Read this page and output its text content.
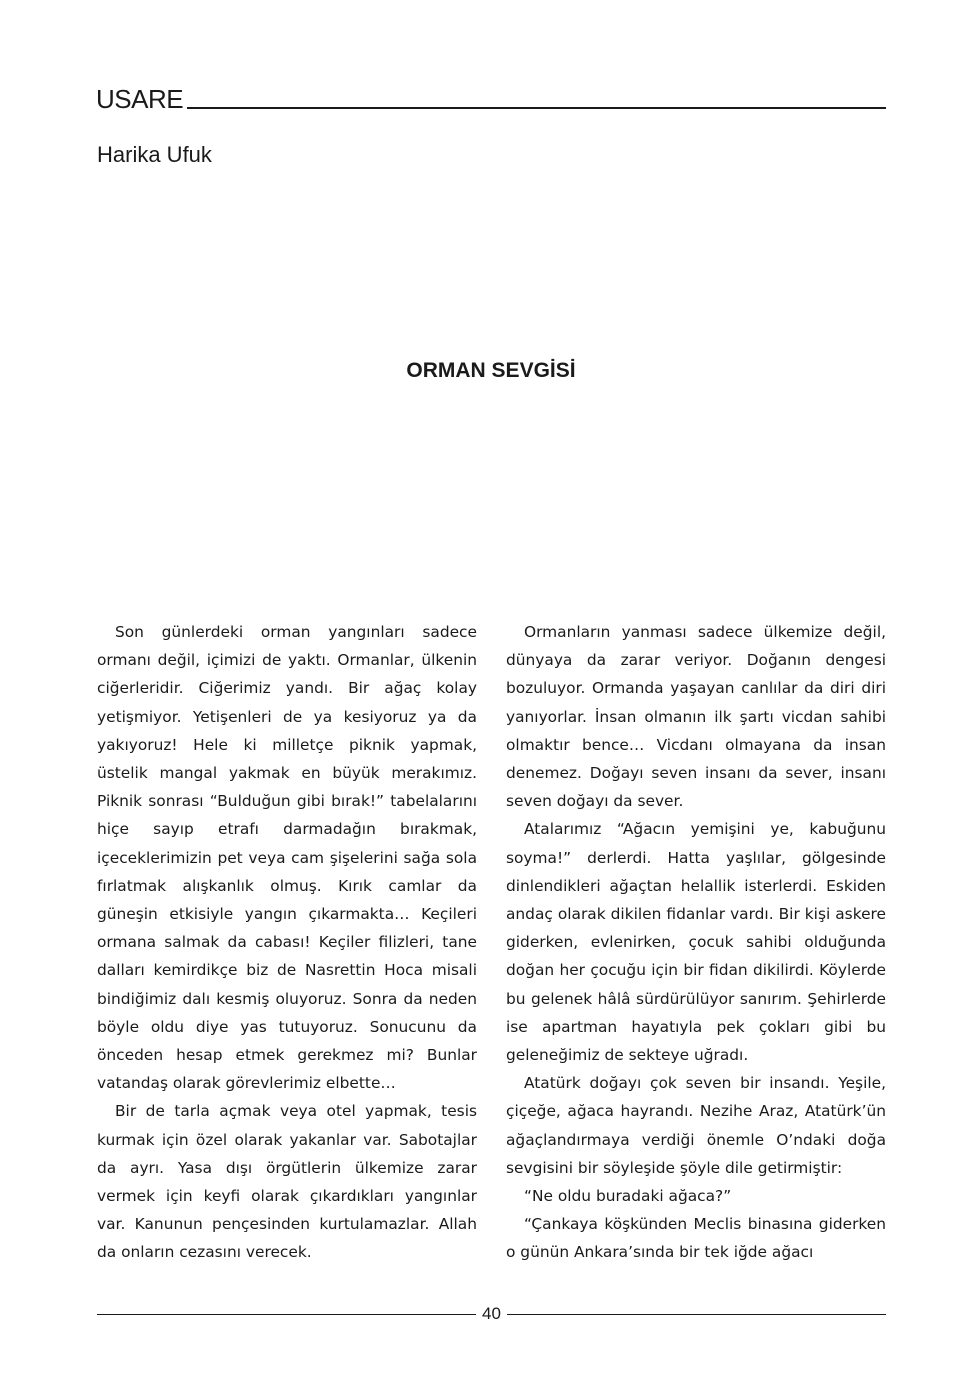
USARE
Harika Ufuk
ORMAN SEVGİSİ

Son günlerdeki orman yangınları sadece ormanı değil, içimizi de yaktı. Ormanlar, ülkenin ciğerleridir. Ciğerimiz yandı. Bir ağaç kolay yetişmiyor. Yetişenleri de ya kesiyoruz ya da yakıyoruz! Hele ki milletçe piknik yapmak, üstelik mangal yakmak en büyük merakımız. Piknik sonrası “Bulduğun gibi bırak!” tabelalarını hiçe sayıp etrafı darmadağın bırakmak, içeceklerimizin pet veya cam şişelerini sağa sola fırlatmak alışkanlık olmuş. Kırık camlar da güneşin etkisiyle yangın çıkarmakta… Keçileri ormana salmak da cabası! Keçiler filizleri, tane dalları kemirdikçe biz de Nasrettin Hoca misali bindiğimiz dalı kesmiş oluyoruz. Sonra da neden böyle oldu diye yas tutuyoruz. Sonucunu da önceden hesap etmek gerekmez mi? Bunlar vatandaş olarak görevlerimiz elbette…

Bir de tarla açmak veya otel yapmak, tesis kurmak için özel olarak yakanlar var. Sabotajlar da ayrı. Yasa dışı örgütlerin ülkemize zarar vermek için keyfi olarak çıkardıkları yangınlar var. Kanunun pençesinden kurtulamazlar. Allah da onların cezasını verecek.

Ormanların yanması sadece ülkemize değil, dünyaya da zarar veriyor. Doğanın dengesi bozuluyor. Ormanda yaşayan canlılar da diri diri yanıyorlar. İnsan olmanın ilk şartı vicdan sahibi olmaktır bence… Vicdanı olmayana da insan denemez. Doğayı seven insanı da sever, insanı seven doğayı da sever.

Atalarımız “Ağacın yemişini ye, kabuğunu soyma!” derlerdi. Hatta yaşlılar, gölgesinde dinlendikleri ağaçtan helallik isterlerdi. Eskiden andaç olarak dikilen fidanlar vardı. Bir kişi askere giderken, evlenirken, çocuk sahibi olduğunda doğan her çocuğu için bir fidan dikilirdi. Köylerde bu gelenek hâlâ sürdürülüyor sanırım. Şehirlerde ise apartman hayatıyla pek çokları gibi bu geleneğimiz de sekteye uğradı.

Atatürk doğayı çok seven bir insandı. Yeşile, çiçeğe, ağaca hayrandı. Nezihe Araz, Atatürk’ün ağaçlandırmaya verdiği önemle O’ndaki doğa sevgisini bir söyleşide şöyle dile getirmiştir:

“Ne oldu buradaki ağaca?”

“Çankaya köşkünden Meclis binasına giderken o günün Ankara’sında bir tek iğde ağacı

40
